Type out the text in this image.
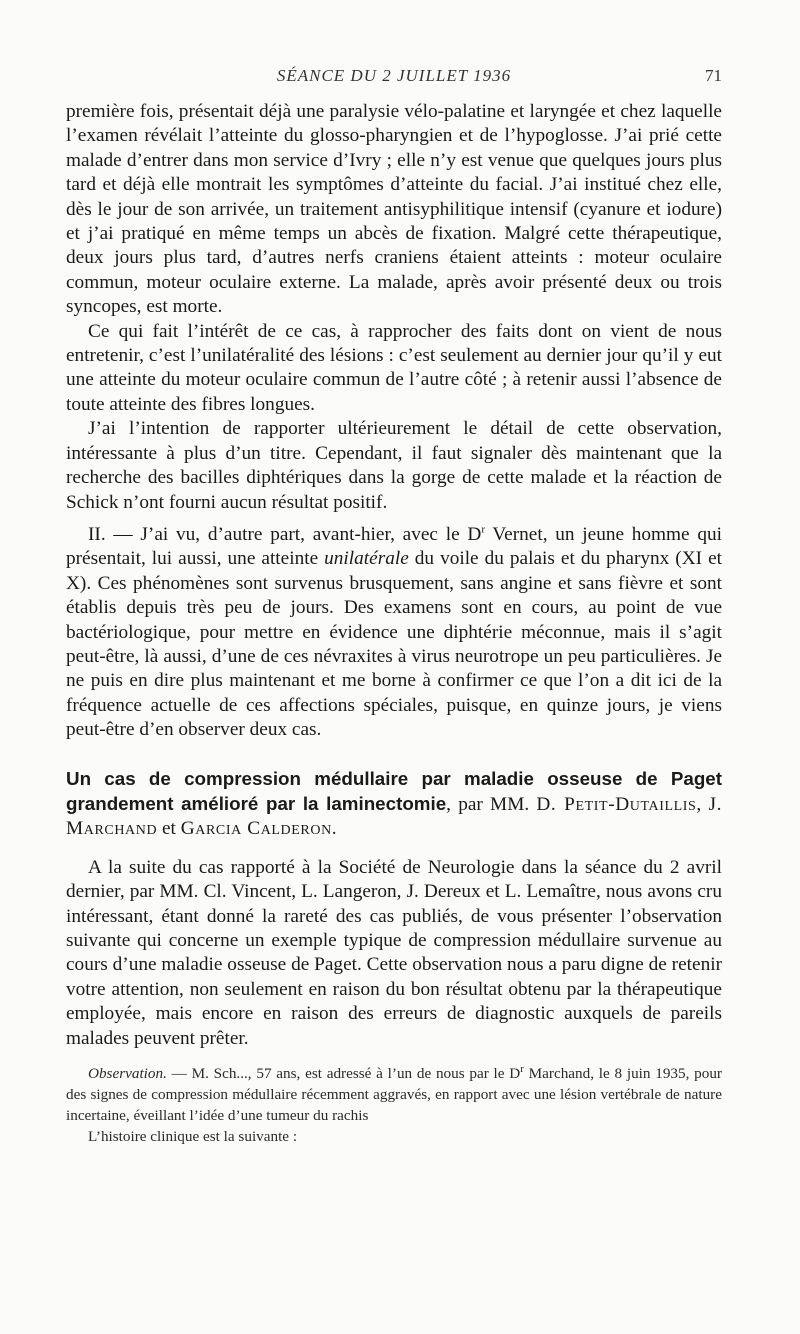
SÉANCE DU 2 JUILLET 1936	71

première fois, présentait déjà une paralysie vélo-palatine et laryngée et chez laquelle l’examen révélait l’atteinte du glosso-pharyngien et de l’hypoglosse. J’ai prié cette malade d’entrer dans mon service d’Ivry ; elle n’y est venue que quelques jours plus tard et déjà elle montrait les symptômes d’atteinte du facial. J’ai institué chez elle, dès le jour de son arrivée, un traitement antisyphilitique intensif (cyanure et iodure) et j’ai pratiqué en même temps un abcès de fixation. Malgré cette thérapeutique, deux jours plus tard, d’autres nerfs craniens étaient atteints : moteur oculaire commun, moteur oculaire externe. La malade, après avoir présenté deux ou trois syncopes, est morte.

Ce qui fait l’intérêt de ce cas, à rapprocher des faits dont on vient de nous entretenir, c’est l’unilatéralité des lésions : c’est seulement au dernier jour qu’il y eut une atteinte du moteur oculaire commun de l’autre côté ; à retenir aussi l’absence de toute atteinte des fibres longues.

J’ai l’intention de rapporter ultérieurement le détail de cette observation, intéressante à plus d’un titre. Cependant, il faut signaler dès maintenant que la recherche des bacilles diphtériques dans la gorge de cette malade et la réaction de Schick n’ont fourni aucun résultat positif.

II. — J’ai vu, d’autre part, avant-hier, avec le $D^r$ Vernet, un jeune homme qui présentait, lui aussi, une atteinte unilatérale du voile du palais et du pharynx (XI et X). Ces phénomènes sont survenus brusquement, sans angine et sans fièvre et sont établis depuis très peu de jours. Des examens sont en cours, au point de vue bactériologique, pour mettre en évidence une diphtérie méconnue, mais il s’agit peut-être, là aussi, d’une de ces névraxites à virus neurotrope un peu particulières. Je ne puis en dire plus maintenant et me borne à confirmer ce que l’on a dit ici de la fréquence actuelle de ces affections spéciales, puisque, en quinze jours, je viens peut-être d’en observer deux cas.

Un cas de compression médullaire par maladie osseuse de Paget grandement amélioré par la laminectomie, par MM. D. Petit-Dutaillis, J. Marchand et Garcia Calderon.

A la suite du cas rapporté à la Société de Neurologie dans la séance du 2 avril dernier, par MM. Cl. Vincent, L. Langeron, J. Dereux et L. Lemaître, nous avons cru intéressant, étant donné la rareté des cas publiés, de vous présenter l’observation suivante qui concerne un exemple typique de compression médullaire survenue au cours d’une maladie osseuse de Paget. Cette observation nous a paru digne de retenir votre attention, non seulement en raison du bon résultat obtenu par la thérapeutique employée, mais encore en raison des erreurs de diagnostic auxquels de pareils malades peuvent prêter.

Observation. — M. Sch..., 57 ans, est adressé à l’un de nous par le $D^r$ Marchand, le 8 juin 1935, pour des signes de compression médullaire récemment aggravés, en rapport avec une lésion vertébrale de nature incertaine, éveillant l’idée d’une tumeur du rachis

L’histoire clinique est la suivante :
